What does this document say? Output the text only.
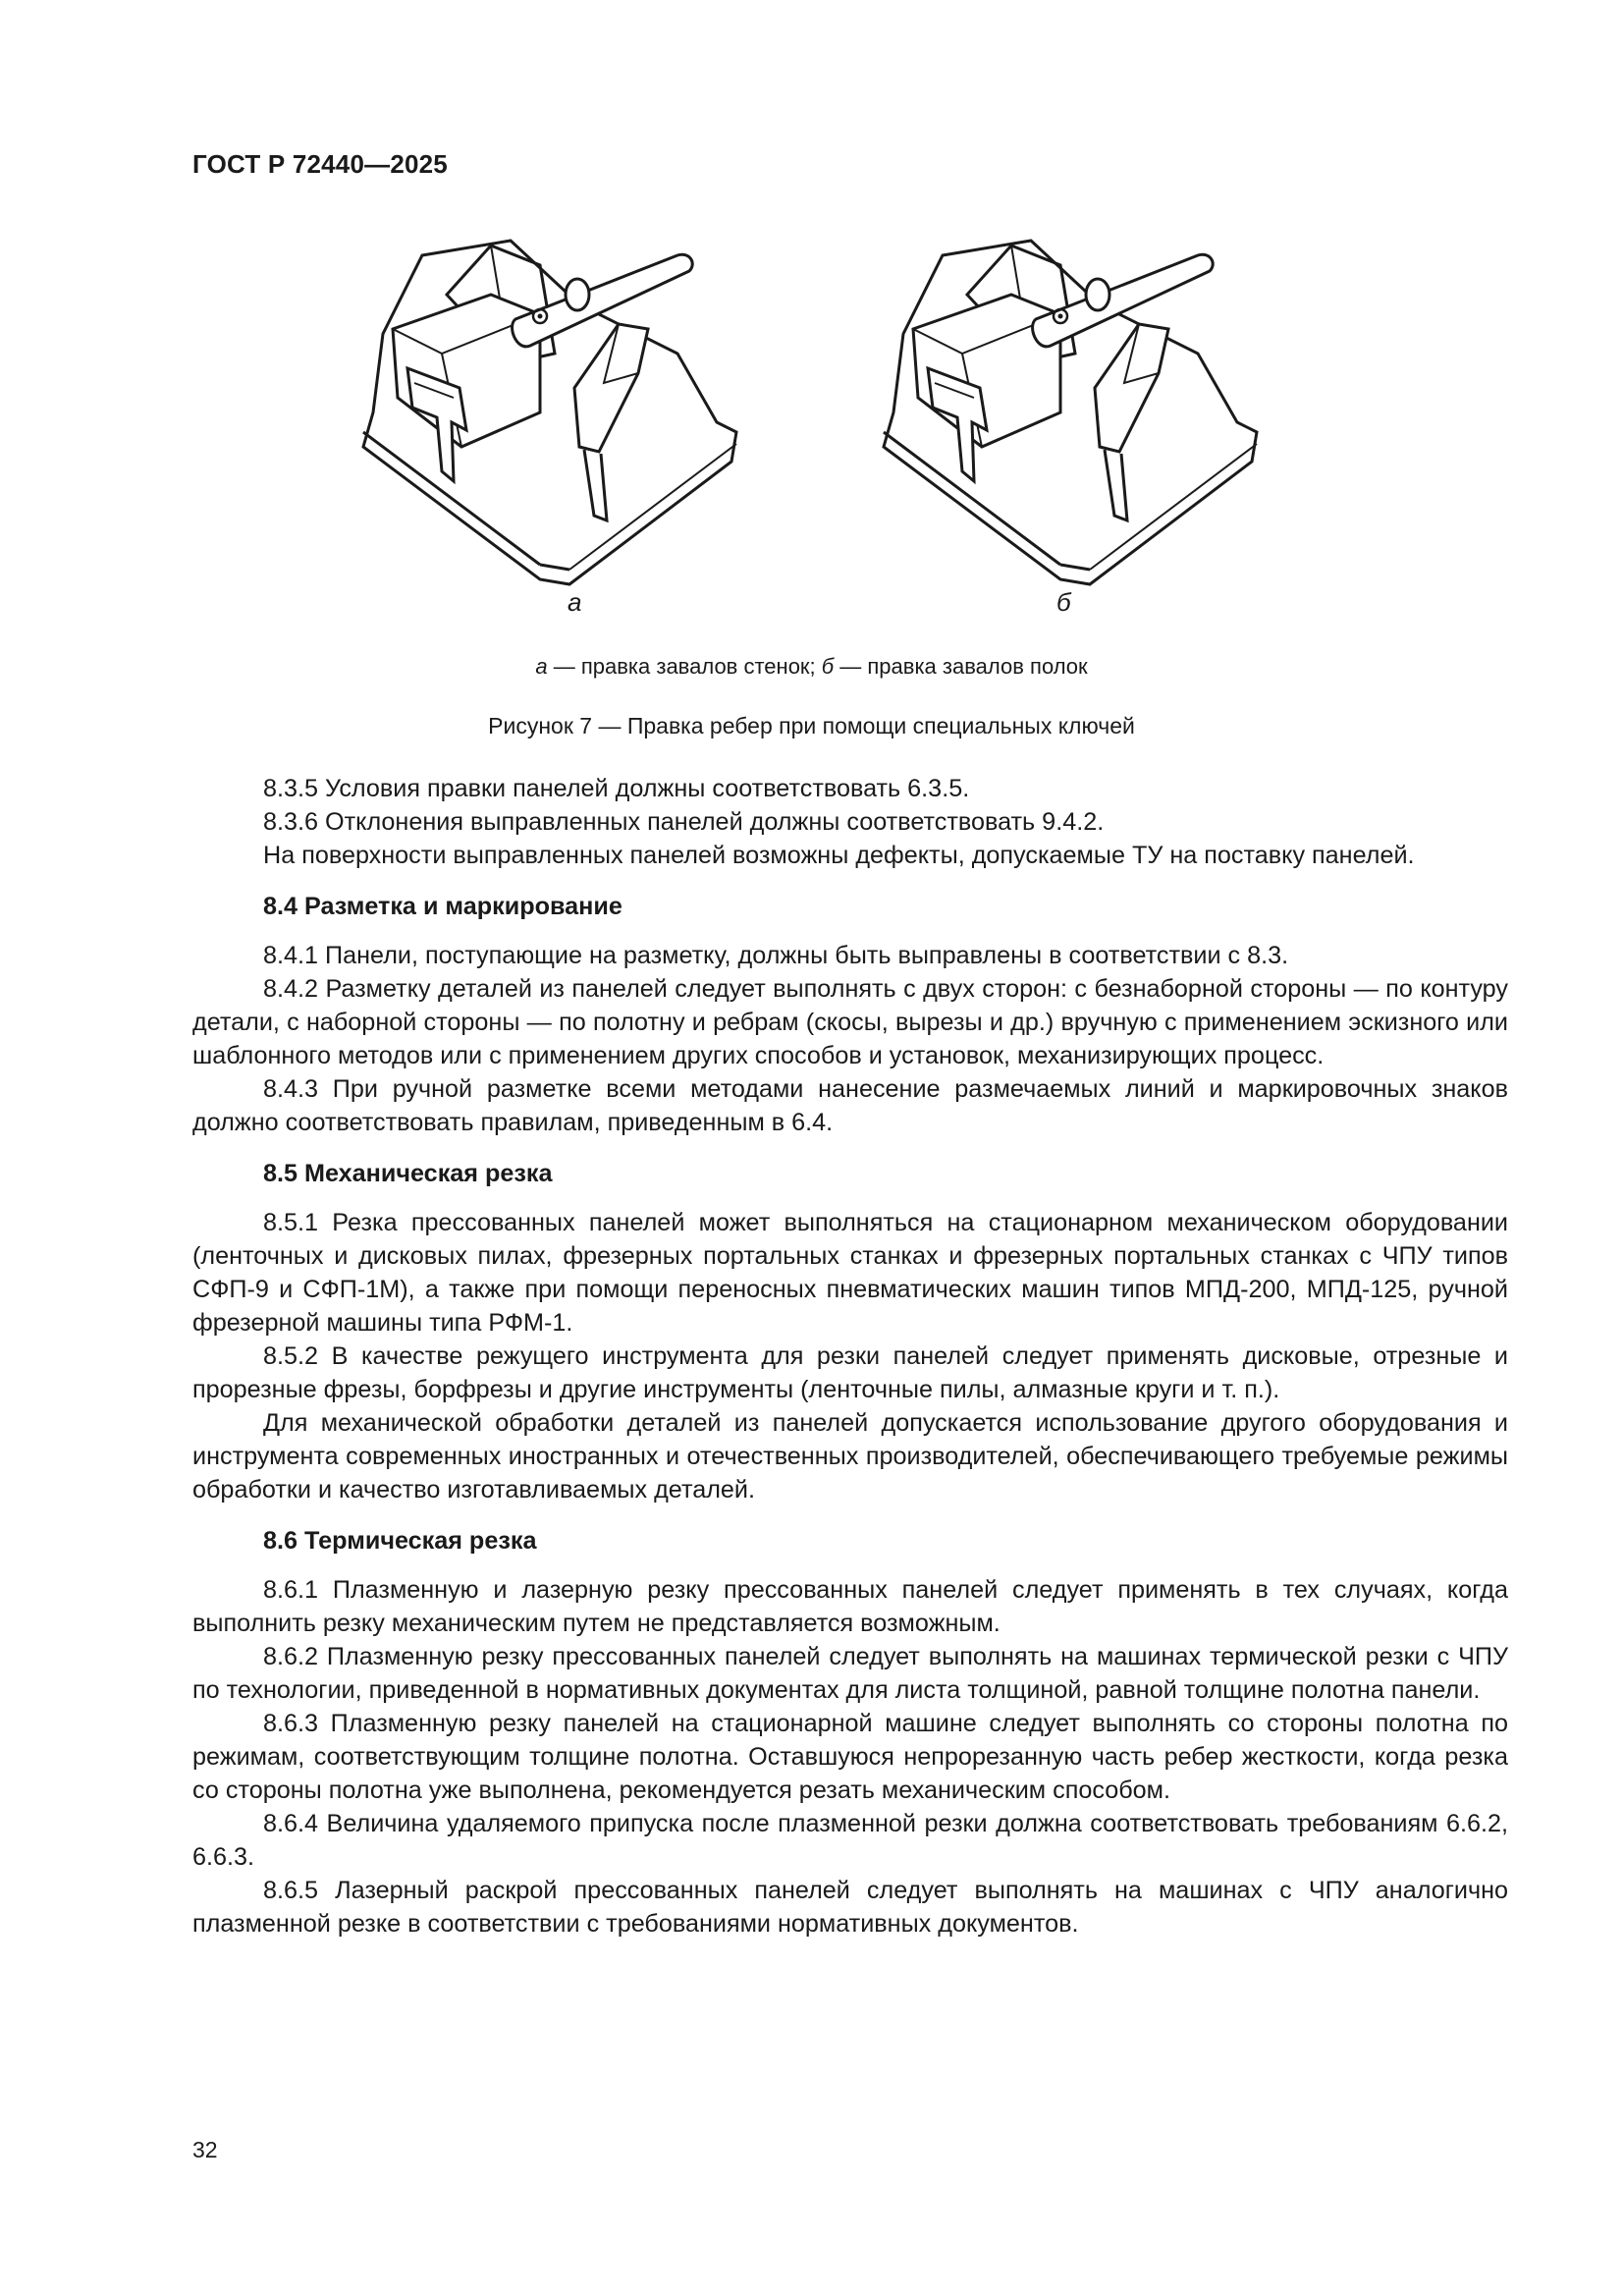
ГОСТ Р 72440—2025
а	б
а — правка завалов стенок; б — правка завалов полок
Рисунок 7 — Правка ребер при помощи специальных ключей

8.3.5 Условия правки панелей должны соответствовать 6.3.5.

8.3.6 Отклонения выправленных панелей должны соответствовать 9.4.2.

На поверхности выправленных панелей возможны дефекты, допускаемые ТУ на поставку панелей.

8.4 Разметка и маркирование

8.4.1 Панели, поступающие на разметку, должны быть выправлены в соответствии с 8.3.

8.4.2 Разметку деталей из панелей следует выполнять с двух сторон: с безнаборной стороны — по контуру детали, с наборной стороны — по полотну и ребрам (скосы, вырезы и др.) вручную с применением эскизного или шаблонного методов или с применением других способов и установок, механизирующих процесс.

8.4.3 При ручной разметке всеми методами нанесение размечаемых линий и маркировочных знаков должно соответствовать правилам, приведенным в 6.4.

8.5 Механическая резка

8.5.1 Резка прессованных панелей может выполняться на стационарном механическом оборудовании (ленточных и дисковых пилах, фрезерных портальных станках и фрезерных портальных станках с ЧПУ типов СФП-9 и СФП-1М), а также при помощи переносных пневматических машин типов МПД-200, МПД-125, ручной фрезерной машины типа РФМ-1.

8.5.2 В качестве режущего инструмента для резки панелей следует применять дисковые, отрезные и прорезные фрезы, борфрезы и другие инструменты (ленточные пилы, алмазные круги и т. п.).

Для механической обработки деталей из панелей допускается использование другого оборудования и инструмента современных иностранных и отечественных производителей, обеспечивающего требуемые режимы обработки и качество изготавливаемых деталей.

8.6 Термическая резка

8.6.1 Плазменную и лазерную резку прессованных панелей следует применять в тех случаях, когда выполнить резку механическим путем не представляется возможным.

8.6.2 Плазменную резку прессованных панелей следует выполнять на машинах термической резки с ЧПУ по технологии, приведенной в нормативных документах для листа толщиной, равной толщине полотна панели.

8.6.3 Плазменную резку панелей на стационарной машине следует выполнять со стороны полотна по режимам, соответствующим толщине полотна. Оставшуюся непрорезанную часть ребер жесткости, когда резка со стороны полотна уже выполнена, рекомендуется резать механическим способом.

8.6.4 Величина удаляемого припуска после плазменной резки должна соответствовать требованиям 6.6.2, 6.6.3.

8.6.5 Лазерный раскрой прессованных панелей следует выполнять на машинах с ЧПУ аналогично плазменной резке в соответствии с требованиями нормативных документов.

32
